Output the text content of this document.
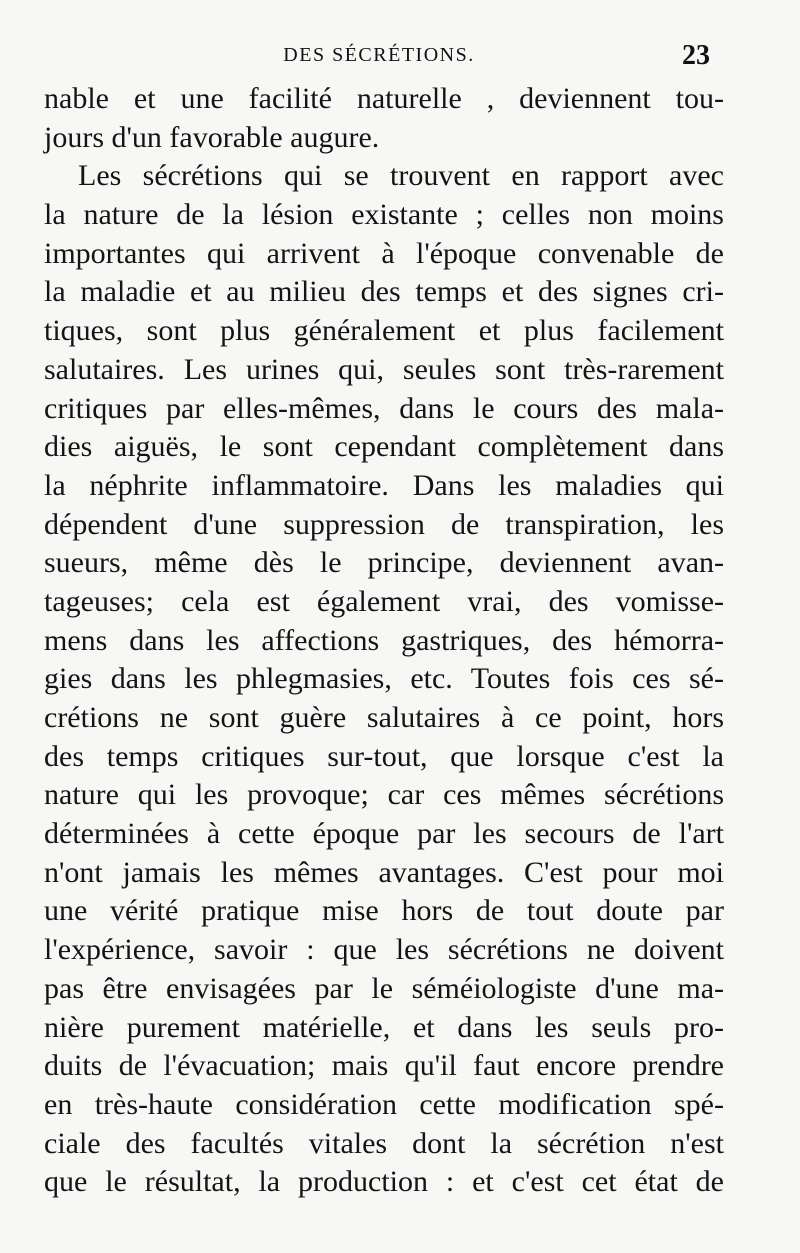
DES SÉCRÉTIONS.	23
nable et une facilité naturelle , deviennent tou-
jours d'un favorable augure.
Les sécrétions qui se trouvent en rapport avec
la nature de la lésion existante ; celles non moins
importantes qui arrivent à l'époque convenable de
la maladie et au milieu des temps et des signes cri-
tiques, sont plus généralement et plus facilement
salutaires. Les urines qui, seules sont très-rarement
critiques par elles-mêmes, dans le cours des mala-
dies aiguës, le sont cependant complètement dans
la néphrite inflammatoire. Dans les maladies qui
dépendent d'une suppression de transpiration, les
sueurs, même dès le principe, deviennent avan-
tageuses; cela est également vrai, des vomisse-
mens dans les affections gastriques, des hémorra-
gies dans les phlegmasies, etc. Toutes fois ces sé-
crétions ne sont guère salutaires à ce point, hors
des temps critiques sur-tout, que lorsque c'est la
nature qui les provoque; car ces mêmes sécrétions
déterminées à cette époque par les secours de l'art
n'ont jamais les mêmes avantages. C'est pour moi
une vérité pratique mise hors de tout doute par
l'expérience, savoir : que les sécrétions ne doivent
pas être envisagées par le séméiologiste d'une ma-
nière purement matérielle, et dans les seuls pro-
duits de l'évacuation; mais qu'il faut encore prendre
en très-haute considération cette modification spé-
ciale des facultés vitales dont la sécrétion n'est
que le résultat, la production : et c'est cet état de
